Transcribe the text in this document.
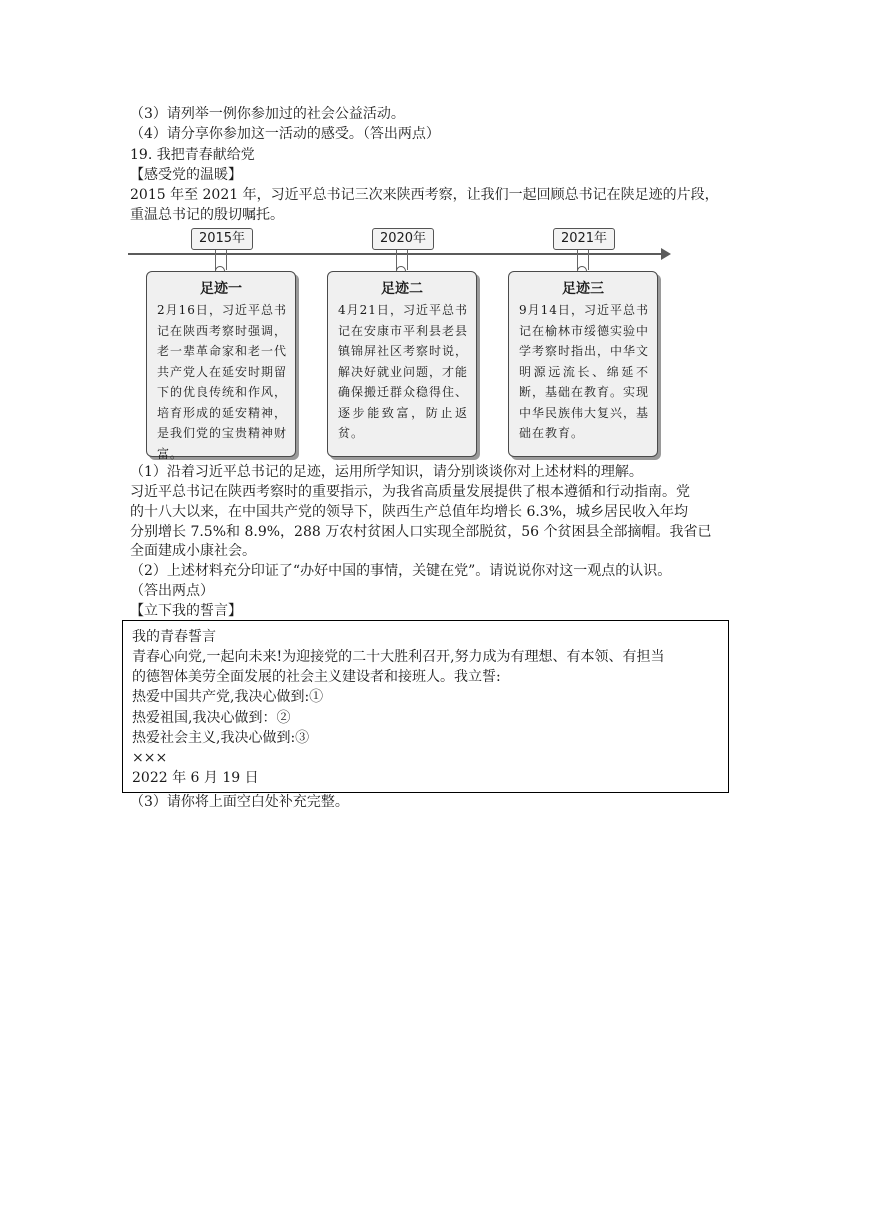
（3）请列举一例你参加过的社会公益活动。
（4）请分享你参加这一活动的感受。（答出两点）
19. 我把青春献给党
【感受党的温暖】
2015 年至 2021 年，习近平总书记三次来陕西考察，让我们一起回顾总书记在陕足迹的片段，
重温总书记的殷切嘱托。
2015年
足迹一
2月16日，习近平总书记在陕西考察时强调，老一辈革命家和老一代共产党人在延安时期留下的优良传统和作风，培育形成的延安精神，是我们党的宝贵精神财富。
2020年
足迹二
4月21日，习近平总书记在安康市平利县老县镇锦屏社区考察时说，解决好就业问题，才能确保搬迁群众稳得住、逐步能致富，防止返贫。
2021年
足迹三
9月14日，习近平总书记在榆林市绥德实验中学考察时指出，中华文明源远流长、绵延不断，基础在教育。实现中华民族伟大复兴，基础在教育。
（1）沿着习近平总书记的足迹，运用所学知识，请分别谈谈你对上述材料的理解。
习近平总书记在陕西考察时的重要指示，为我省高质量发展提供了根本遵循和行动指南。党
的十八大以来，在中国共产党的领导下，陕西生产总值年均增长 6.3%，城乡居民收入年均
分别增长 7.5%和 8.9%，288 万农村贫困人口实现全部脱贫，56 个贫困县全部摘帽。我省已
全面建成小康社会。
（2）上述材料充分印证了“办好中国的事情，关键在党”。请说说你对这一观点的认识。
（答出两点）
【立下我的誓言】
我的青春誓言
青春心向党,一起向未来!为迎接党的二十大胜利召开,努力成为有理想、有本领、有担当
的德智体美劳全面发展的社会主义建设者和接班人。我立誓:
热爱中国共产党,我决心做到:①
热爱祖国,我决心做到：②
热爱社会主义,我决心做到:③
×××
2022 年 6 月 19 日
（3）请你将上面空白处补充完整。
